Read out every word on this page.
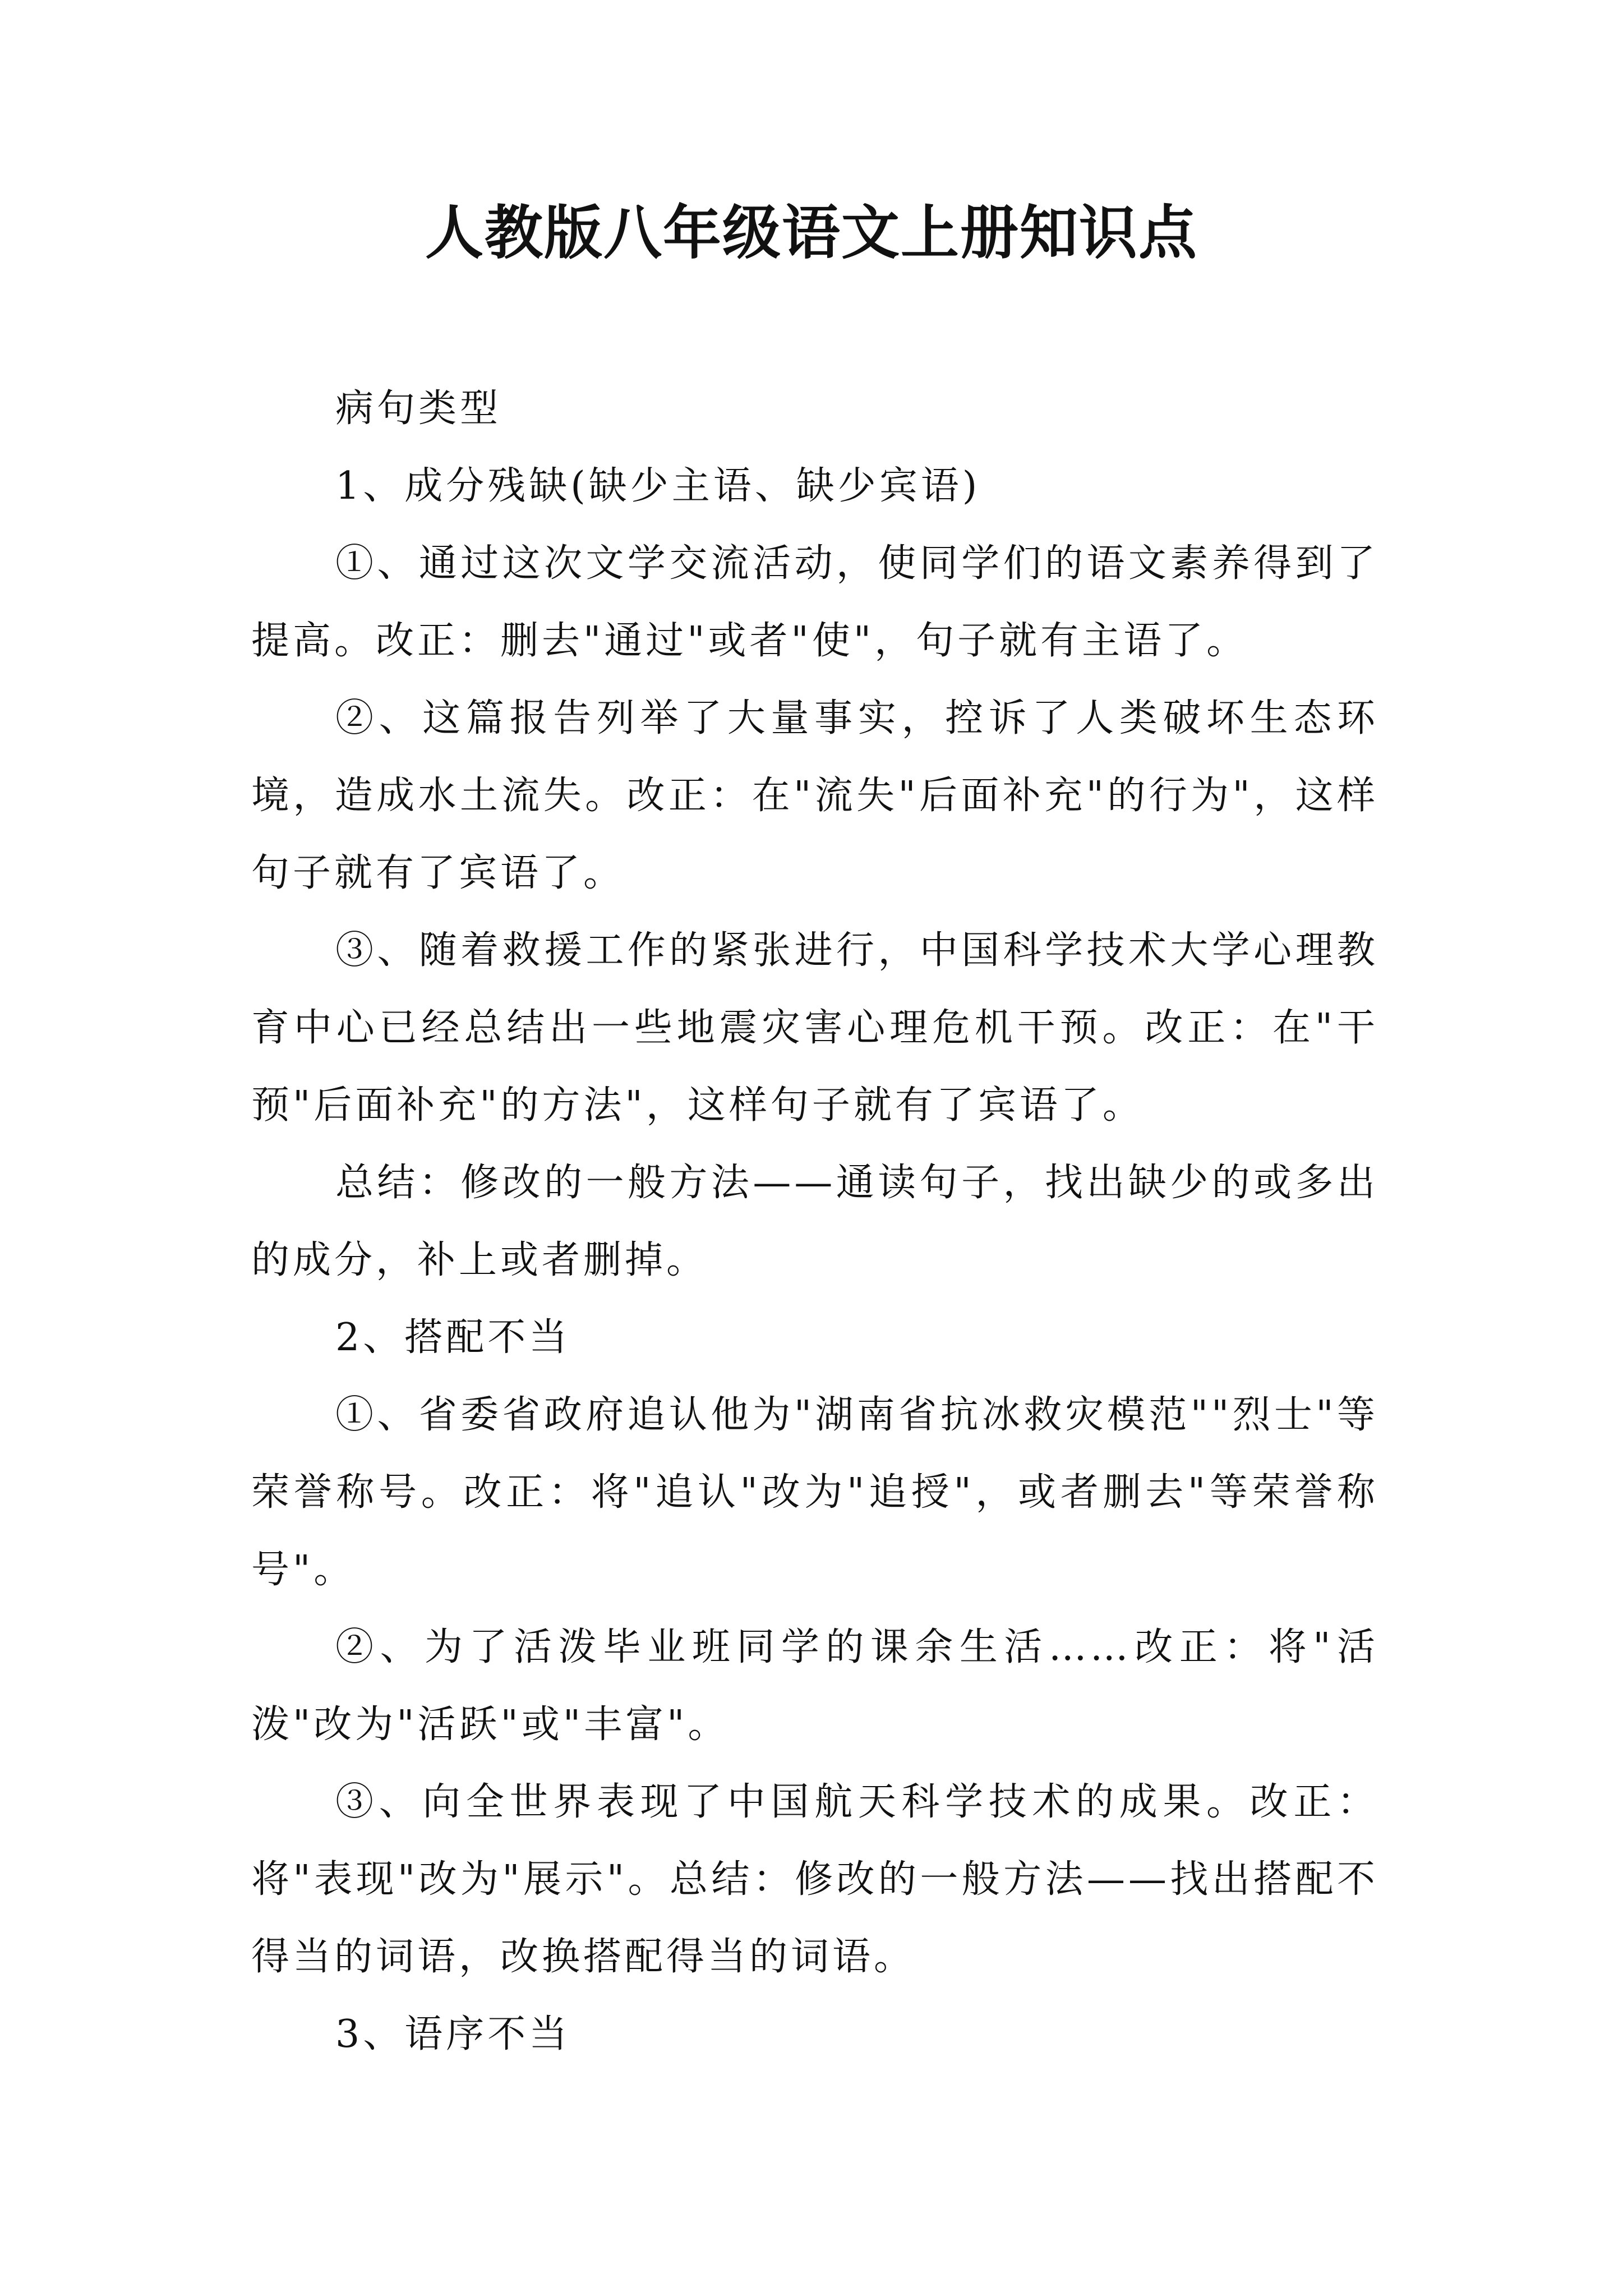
人教版八年级语文上册知识点

病句类型

1、成分残缺(缺少主语、缺少宾语)

①、通过这次文学交流活动，使同学们的语文素养得到了提高。改正：删去"通过"或者"使"，句子就有主语了。

②、这篇报告列举了大量事实，控诉了人类破坏生态环境，造成水土流失。改正：在"流失"后面补充"的行为"，这样句子就有了宾语了。

③、随着救援工作的紧张进行，中国科学技术大学心理教育中心已经总结出一些地震灾害心理危机干预。改正：在"干预"后面补充"的方法"，这样句子就有了宾语了。

总结：修改的一般方法——通读句子，找出缺少的或多出的成分，补上或者删掉。

2、搭配不当

①、省委省政府追认他为"湖南省抗冰救灾模范""烈士"等荣誉称号。改正：将"追认"改为"追授"，或者删去"等荣誉称号"。

②、为了活泼毕业班同学的课余生活……改正：将"活泼"改为"活跃"或"丰富"。

③、向全世界表现了中国航天科学技术的成果。改正：将"表现"改为"展示"。总结：修改的一般方法——找出搭配不得当的词语，改换搭配得当的词语。

3、语序不当
